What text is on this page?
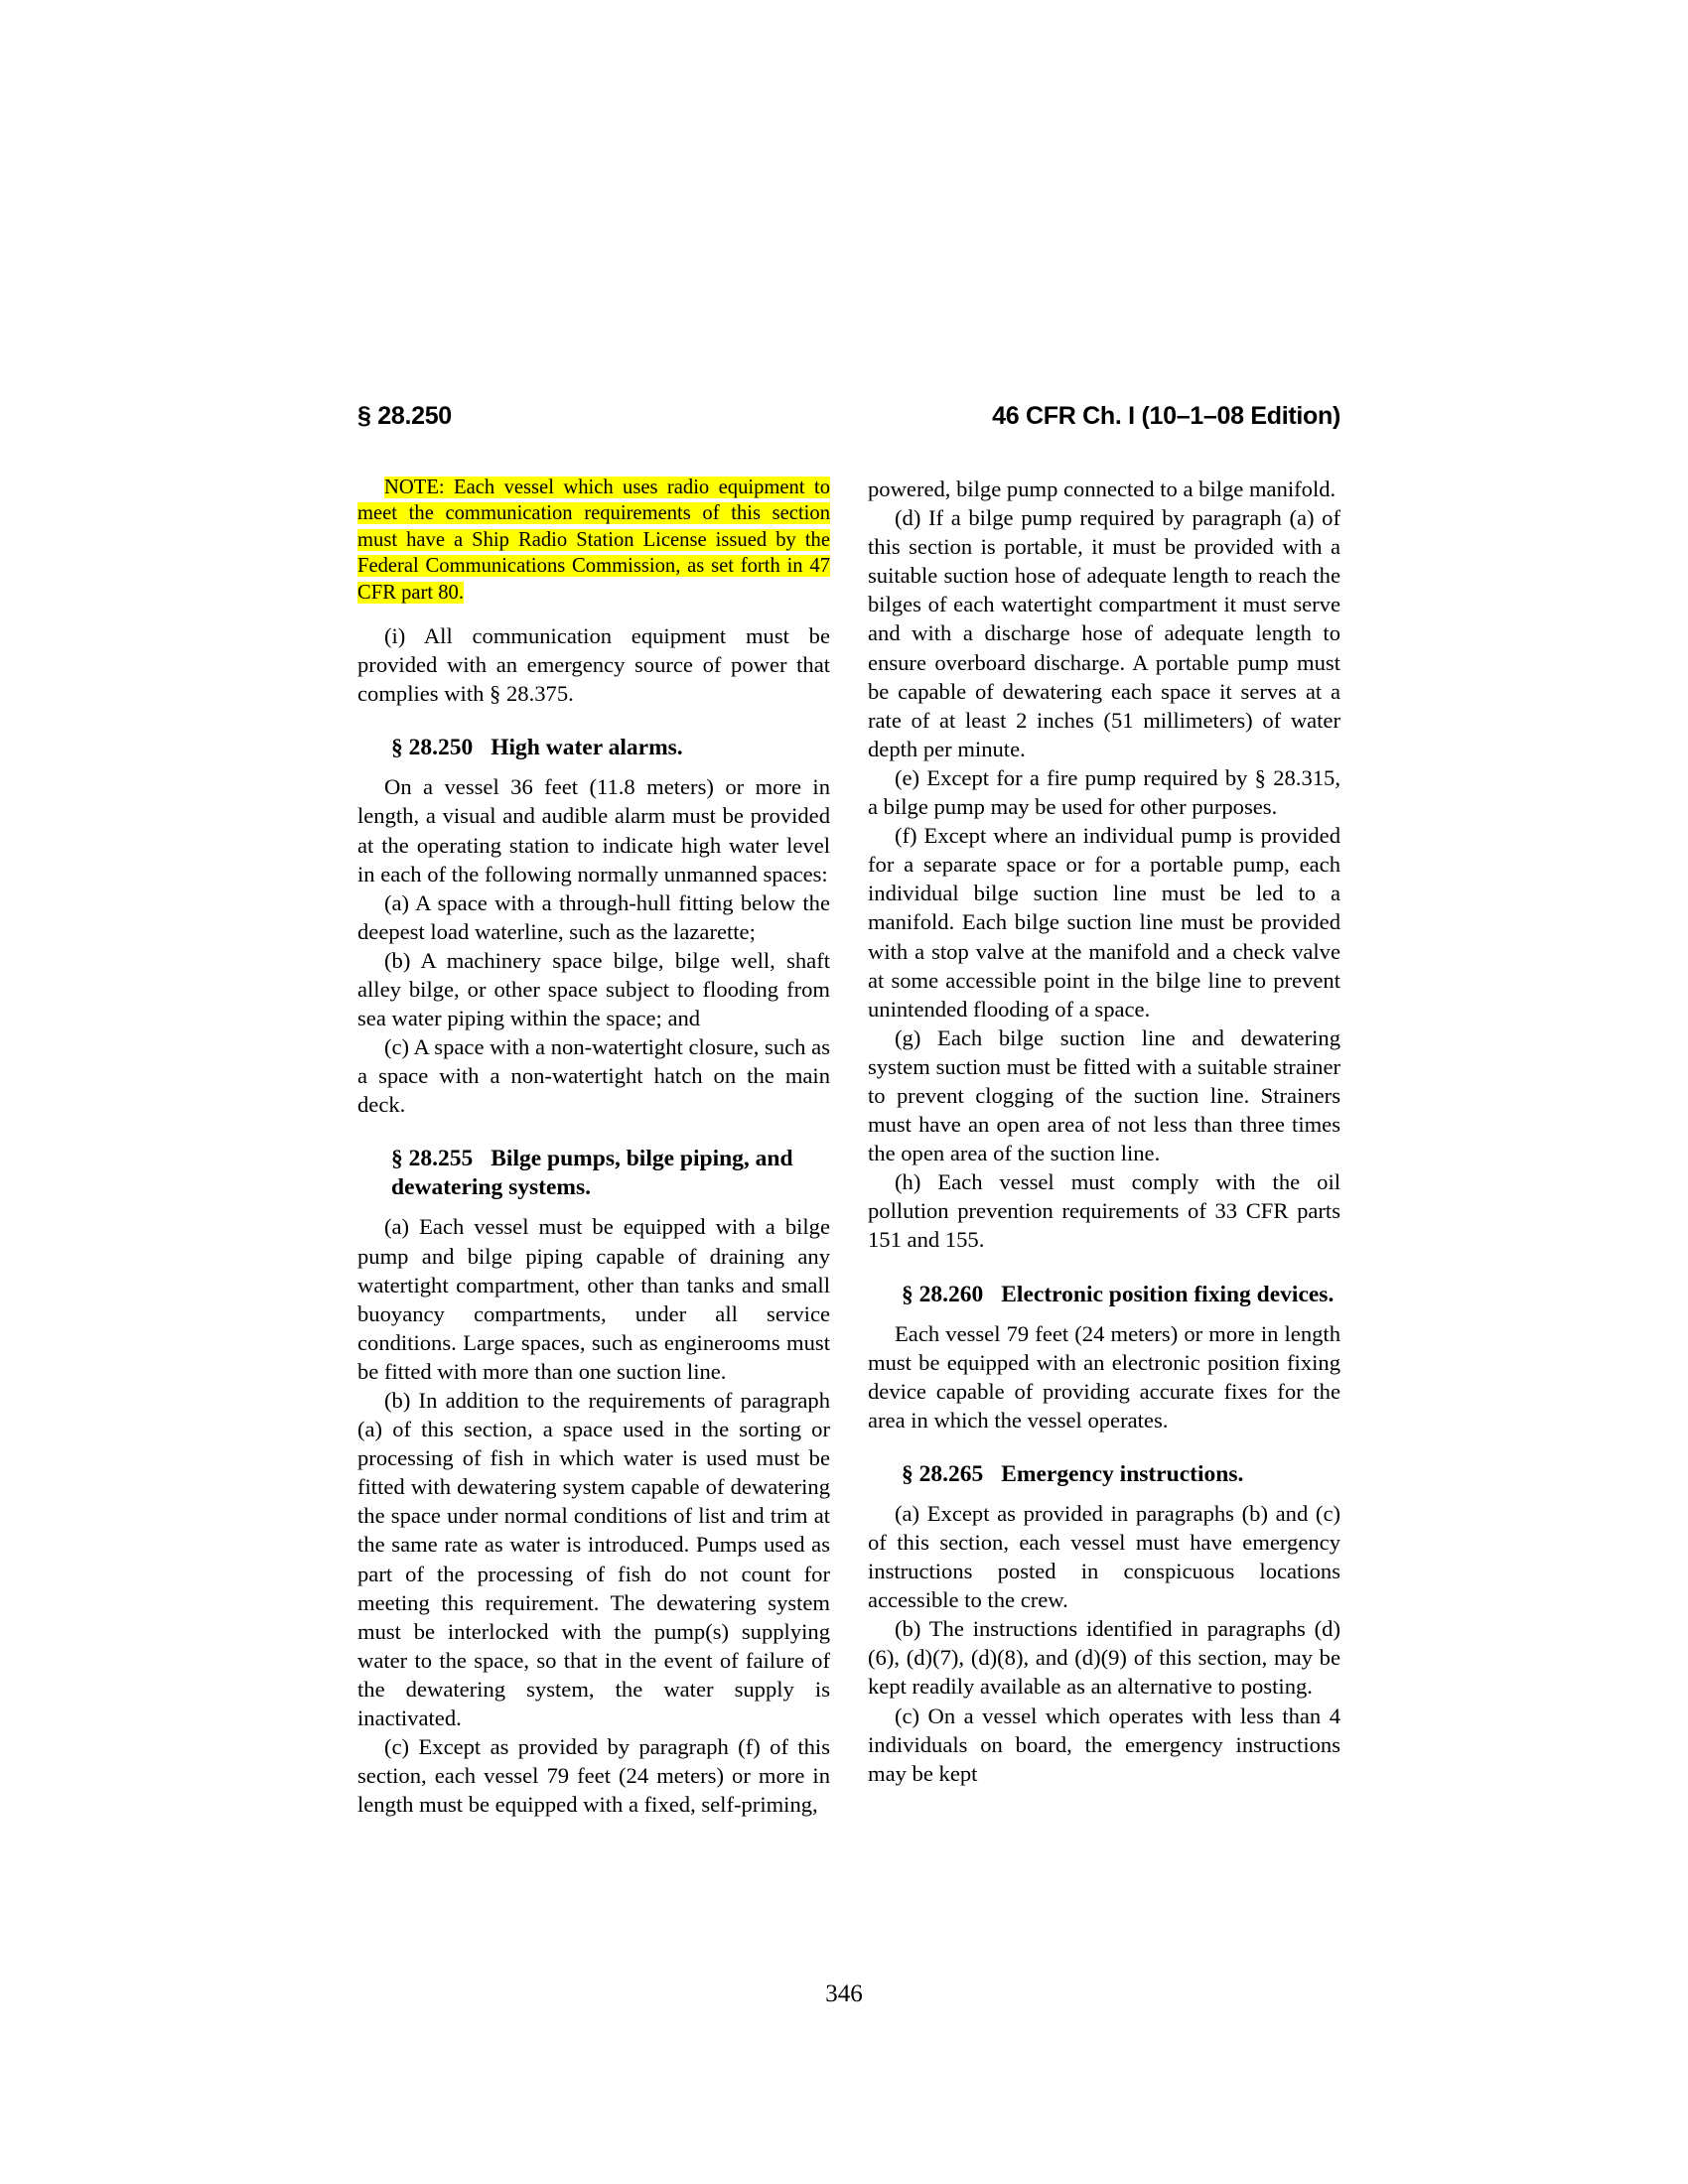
§ 28.250	46 CFR Ch. I (10–1–08 Edition)
NOTE: Each vessel which uses radio equipment to meet the communication requirements of this section must have a Ship Radio Station License issued by the Federal Communications Commission, as set forth in 47 CFR part 80.

(i) All communication equipment must be provided with an emergency source of power that complies with § 28.375.

§ 28.250 High water alarms.

On a vessel 36 feet (11.8 meters) or more in length, a visual and audible alarm must be provided at the operating station to indicate high water level in each of the following normally unmanned spaces:

(a) A space with a through-hull fitting below the deepest load waterline, such as the lazarette;

(b) A machinery space bilge, bilge well, shaft alley bilge, or other space subject to flooding from sea water piping within the space; and

(c) A space with a non-watertight closure, such as a space with a non-watertight hatch on the main deck.

§ 28.255 Bilge pumps, bilge piping, and dewatering systems.

(a) Each vessel must be equipped with a bilge pump and bilge piping capable of draining any watertight compartment, other than tanks and small buoyancy compartments, under all service conditions. Large spaces, such as enginerooms must be fitted with more than one suction line.

(b) In addition to the requirements of paragraph (a) of this section, a space used in the sorting or processing of fish in which water is used must be fitted with dewatering system capable of dewatering the space under normal conditions of list and trim at the same rate as water is introduced. Pumps used as part of the processing of fish do not count for meeting this requirement. The dewatering system must be interlocked with the pump(s) supplying water to the space, so that in the event of failure of the dewatering system, the water supply is inactivated.

(c) Except as provided by paragraph (f) of this section, each vessel 79 feet (24 meters) or more in length must be equipped with a fixed, self-priming,

powered, bilge pump connected to a bilge manifold.

(d) If a bilge pump required by paragraph (a) of this section is portable, it must be provided with a suitable suction hose of adequate length to reach the bilges of each watertight compartment it must serve and with a discharge hose of adequate length to ensure overboard discharge. A portable pump must be capable of dewatering each space it serves at a rate of at least 2 inches (51 millimeters) of water depth per minute.

(e) Except for a fire pump required by § 28.315, a bilge pump may be used for other purposes.

(f) Except where an individual pump is provided for a separate space or for a portable pump, each individual bilge suction line must be led to a manifold. Each bilge suction line must be provided with a stop valve at the manifold and a check valve at some accessible point in the bilge line to prevent unintended flooding of a space.

(g) Each bilge suction line and dewatering system suction must be fitted with a suitable strainer to prevent clogging of the suction line. Strainers must have an open area of not less than three times the open area of the suction line.

(h) Each vessel must comply with the oil pollution prevention requirements of 33 CFR parts 151 and 155.

§ 28.260 Electronic position fixing devices.

Each vessel 79 feet (24 meters) or more in length must be equipped with an electronic position fixing device capable of providing accurate fixes for the area in which the vessel operates.

§ 28.265 Emergency instructions.

(a) Except as provided in paragraphs (b) and (c) of this section, each vessel must have emergency instructions posted in conspicuous locations accessible to the crew.

(b) The instructions identified in paragraphs (d)(6), (d)(7), (d)(8), and (d)(9) of this section, may be kept readily available as an alternative to posting.

(c) On a vessel which operates with less than 4 individuals on board, the emergency instructions may be kept

346
